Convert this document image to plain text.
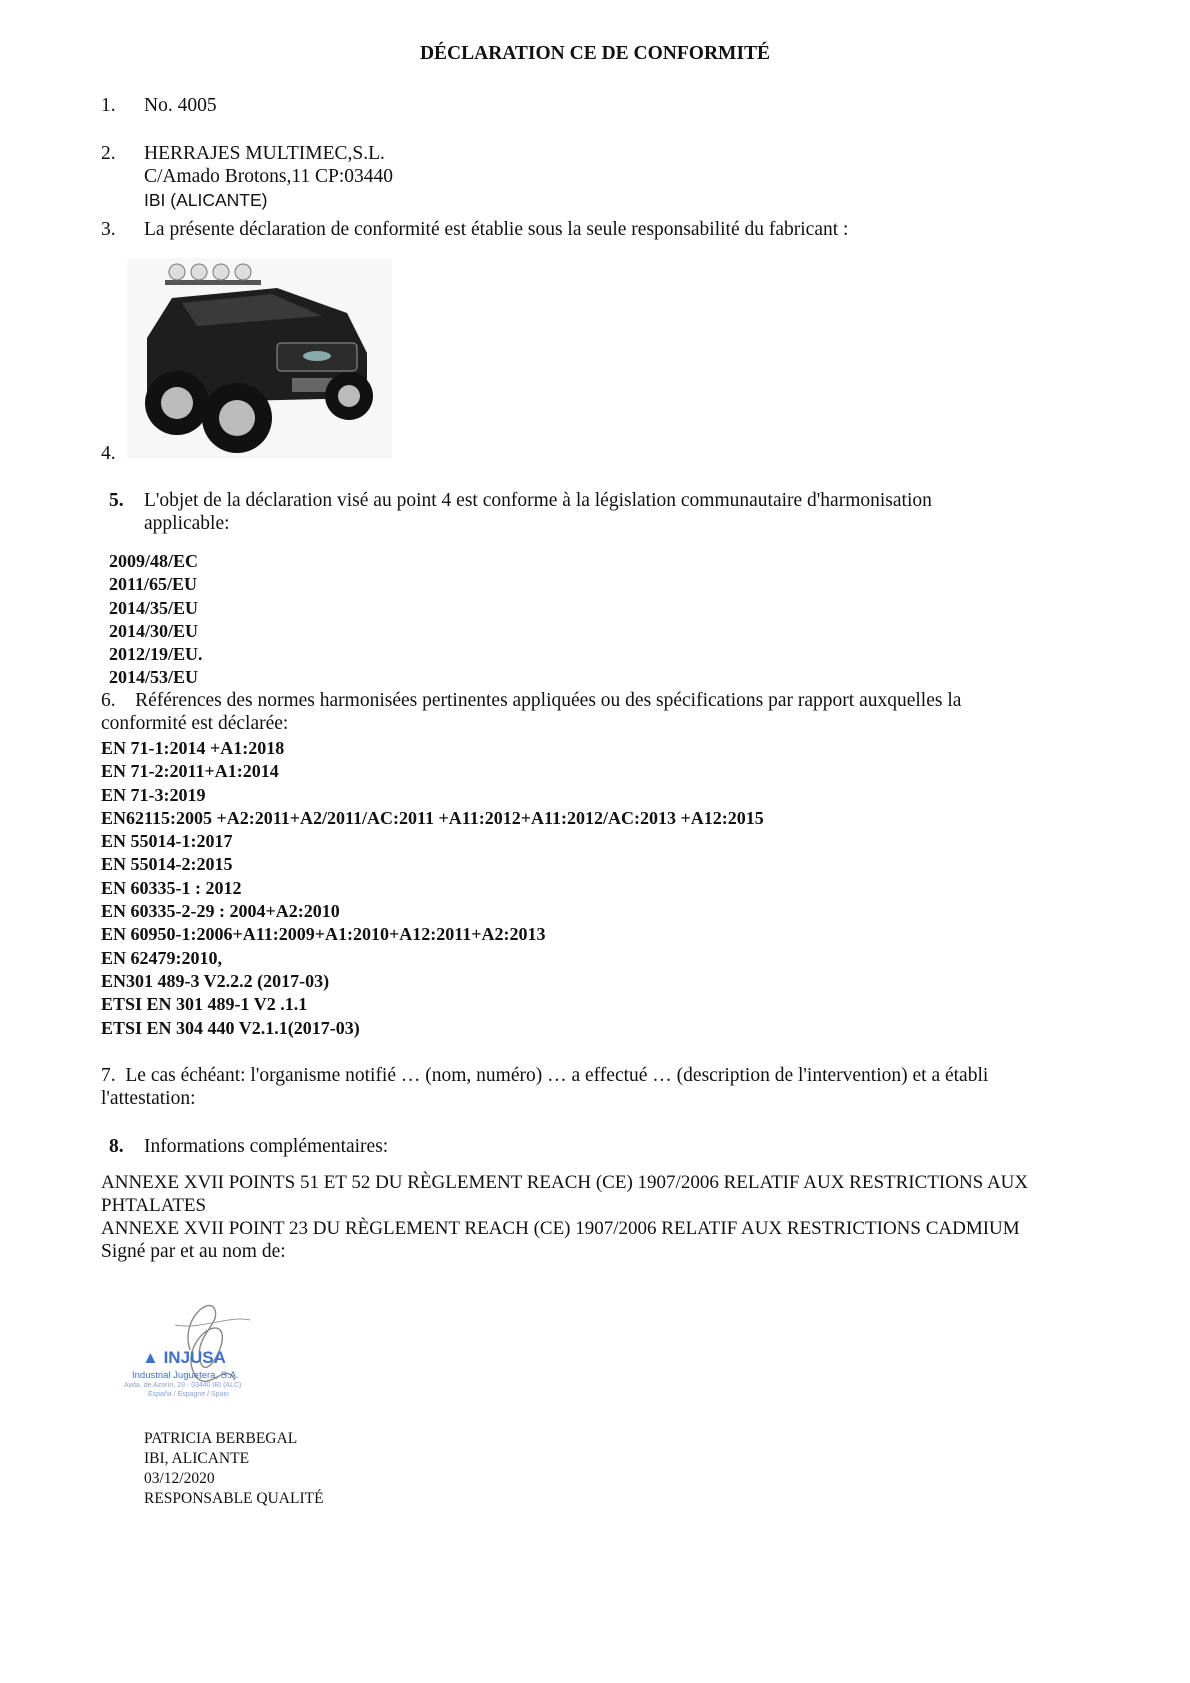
DÉCLARATION CE DE CONFORMITÉ
1. No. 4005
2. HERRAJES MULTIMEC,S.L.
C/Amado Brotons,11 CP:03440
IBI (ALICANTE)
3. La présente déclaration de conformité est établie sous la seule responsabilité du fabricant :
4.
5. L'objet de la déclaration visé au point 4 est conforme à la législation communautaire d'harmonisation
applicable:
2009/48/EC
2011/65/EU
2014/35/EU
2014/30/EU
2012/19/EU.
2014/53/EU
6.    Références des normes harmonisées pertinentes appliquées ou des spécifications par rapport auxquelles la
conformité est déclarée:
EN 71-1:2014 +A1:2018
EN 71-2:2011+A1:2014
EN 71-3:2019
EN62115:2005 +A2:2011+A2/2011/AC:2011 +A11:2012+A11:2012/AC:2013 +A12:2015
EN 55014-1:2017
EN 55014-2:2015
EN 60335-1 : 2012
EN 60335-2-29 : 2004+A2:2010
EN 60950-1:2006+A11:2009+A1:2010+A12:2011+A2:2013
EN 62479:2010,
EN301 489-3 V2.2.2 (2017-03)
ETSI EN 301 489-1 V2 .1.1
ETSI EN 304 440 V2.1.1(2017-03)
7.  Le cas échéant: l'organisme notifié … (nom, numéro) … a effectué … (description de l'intervention) et a établi
l'attestation:
8. Informations complémentaires:
ANNEXE XVII POINTS 51 ET 52 DU RÈGLEMENT REACH (CE) 1907/2006 RELATIF AUX RESTRICTIONS AUX
PHTALATES
ANNEXE XVII POINT 23 DU RÈGLEMENT REACH (CE) 1907/2006 RELATIF AUX RESTRICTIONS CADMIUM
Signé par et au nom de:
▲ INJUSA
Industrial Juguetera, S.A.
Avda. de Azorín, 29 · 03440 IBI (ALC)
España / Espagne / Spain
PATRICIA BERBEGAL
IBI, ALICANTE
03/12/2020
RESPONSABLE QUALITÉ
